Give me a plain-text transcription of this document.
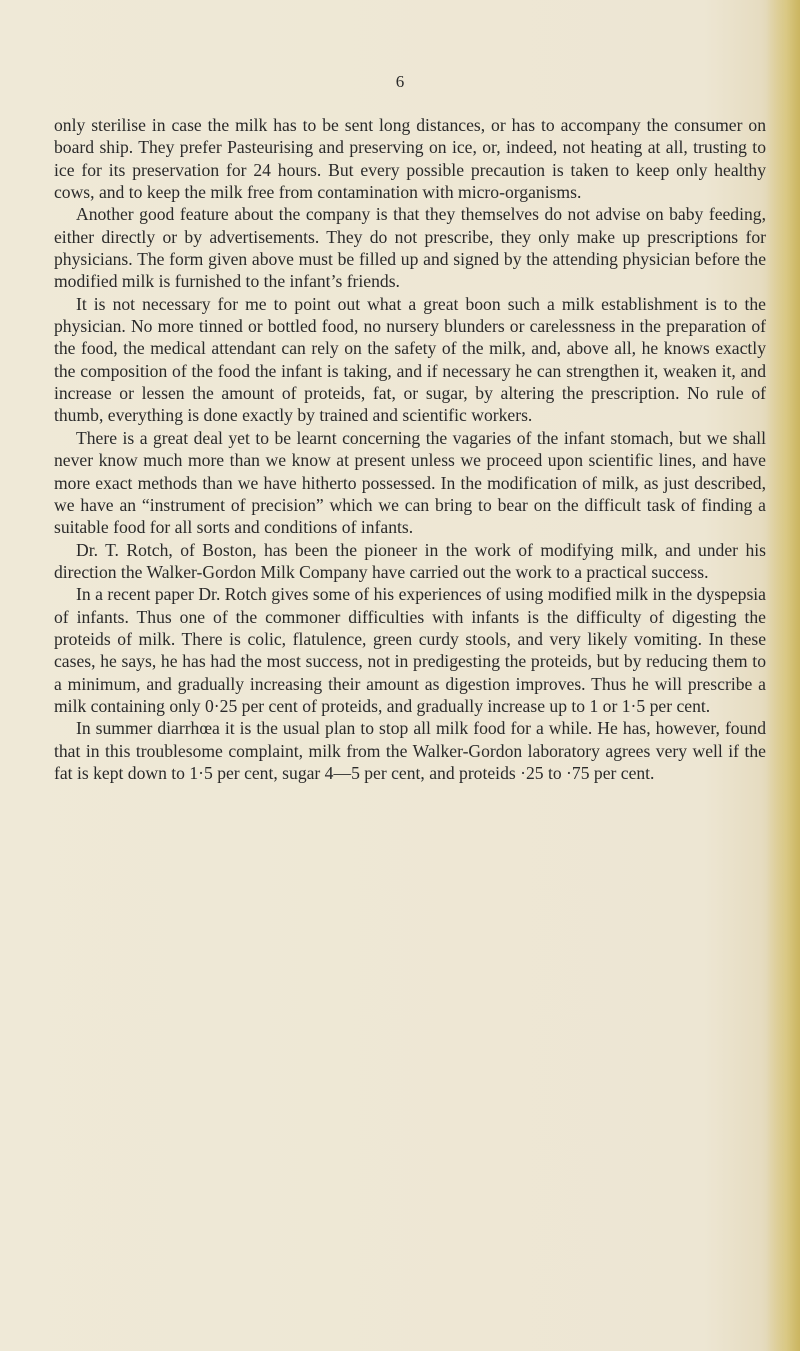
6

only sterilise in case the milk has to be sent long distances, or has to accompany the consumer on board ship. They prefer Pasteurising and preserving on ice, or, indeed, not heating at all, trusting to ice for its preservation for 24 hours. But every possible precaution is taken to keep only healthy cows, and to keep the milk free from contamination with micro-organisms.

Another good feature about the company is that they themselves do not advise on baby feeding, either directly or by advertisements. They do not prescribe, they only make up prescriptions for physicians. The form given above must be filled up and signed by the attending physician before the modified milk is furnished to the infant’s friends.

It is not necessary for me to point out what a great boon such a milk establishment is to the physician. No more tinned or bottled food, no nursery blunders or carelessness in the preparation of the food, the medical attendant can rely on the safety of the milk, and, above all, he knows exactly the composition of the food the infant is taking, and if necessary he can strengthen it, weaken it, and increase or lessen the amount of proteids, fat, or sugar, by altering the prescription. No rule of thumb, everything is done exactly by trained and scientific workers.

There is a great deal yet to be learnt concerning the vagaries of the infant stomach, but we shall never know much more than we know at present unless we proceed upon scientific lines, and have more exact methods than we have hitherto possessed. In the modification of milk, as just described, we have an “instrument of precision” which we can bring to bear on the difficult task of finding a suitable food for all sorts and conditions of infants.

Dr. T. Rotch, of Boston, has been the pioneer in the work of modifying milk, and under his direction the Walker-Gordon Milk Company have carried out the work to a practical success.

In a recent paper Dr. Rotch gives some of his experiences of using modified milk in the dyspepsia of infants. Thus one of the commoner difficulties with infants is the difficulty of digesting the proteids of milk. There is colic, flatulence, green curdy stools, and very likely vomiting. In these cases, he says, he has had the most success, not in predigesting the proteids, but by reducing them to a minimum, and gradually increasing their amount as digestion improves. Thus he will prescribe a milk containing only 0·25 per cent of proteids, and gradually increase up to 1 or 1·5 per cent.

In summer diarrhœa it is the usual plan to stop all milk food for a while. He has, however, found that in this troublesome complaint, milk from the Walker-Gordon laboratory agrees very well if the fat is kept down to 1·5 per cent, sugar 4—5 per cent, and proteids ·25 to ·75 per cent.
